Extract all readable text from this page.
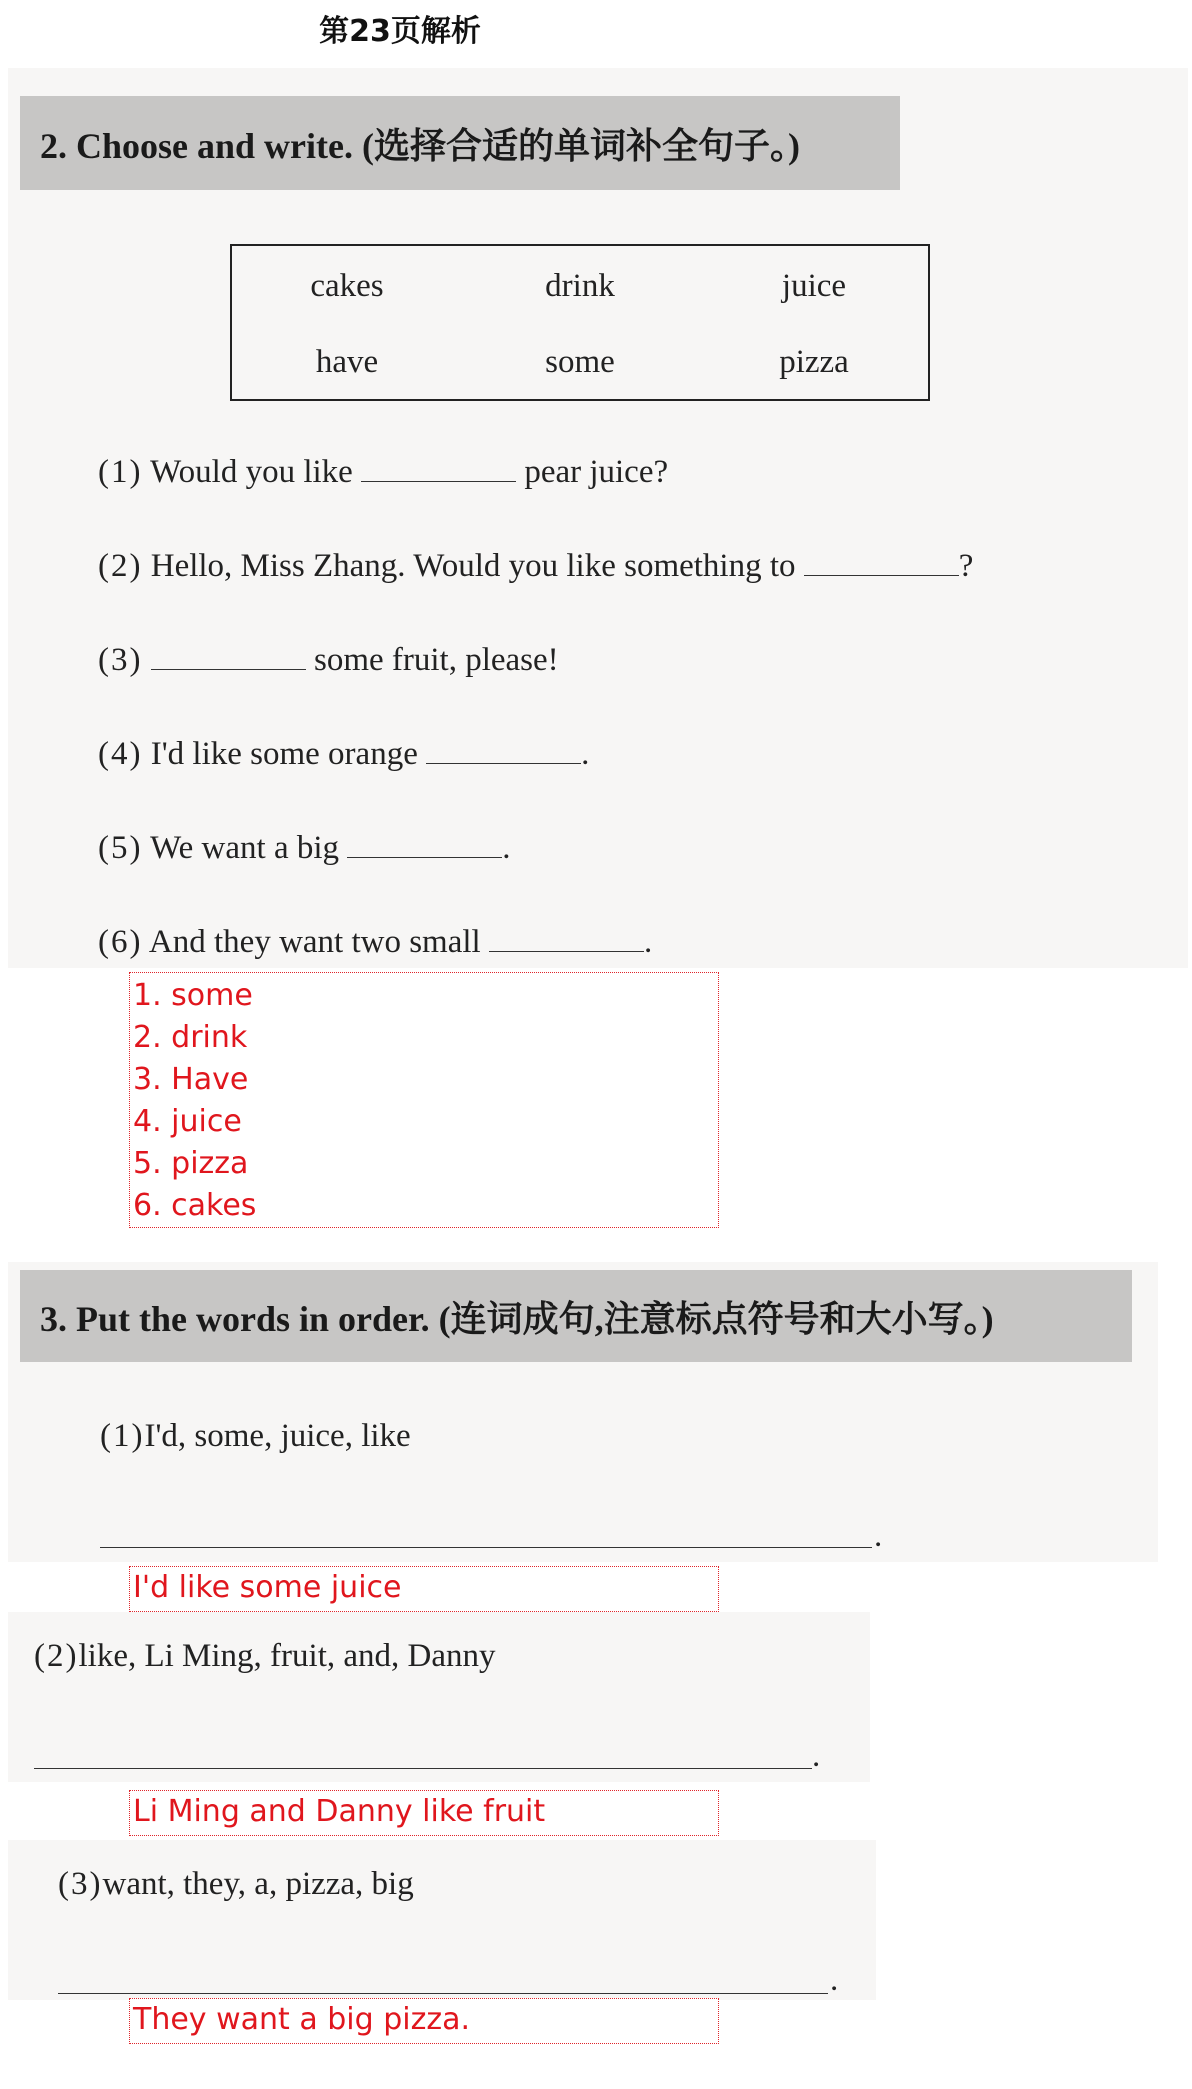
第23页解析
2. Choose and write. (选择合适的单词补全句子。)
cakes	drink	juice
have	some	pizza
(1) Would you like	pear juice?
(2) Hello, Miss Zhang. Would you like something to	?
(3)	some fruit, please!
(4) I'd like some orange	.
(5) We want a big	.
(6) And they want two small	.
1. some
2. drink
3. Have
4. juice
5. pizza
6. cakes
3. Put the words in order. (连词成句,注意标点符号和大小写。)
(1)I'd, some, juice, like
.
I'd like some juice
(2)like, Li Ming, fruit, and, Danny
.
Li Ming and Danny like fruit
(3)want, they, a, pizza, big
.
They want a big pizza.
